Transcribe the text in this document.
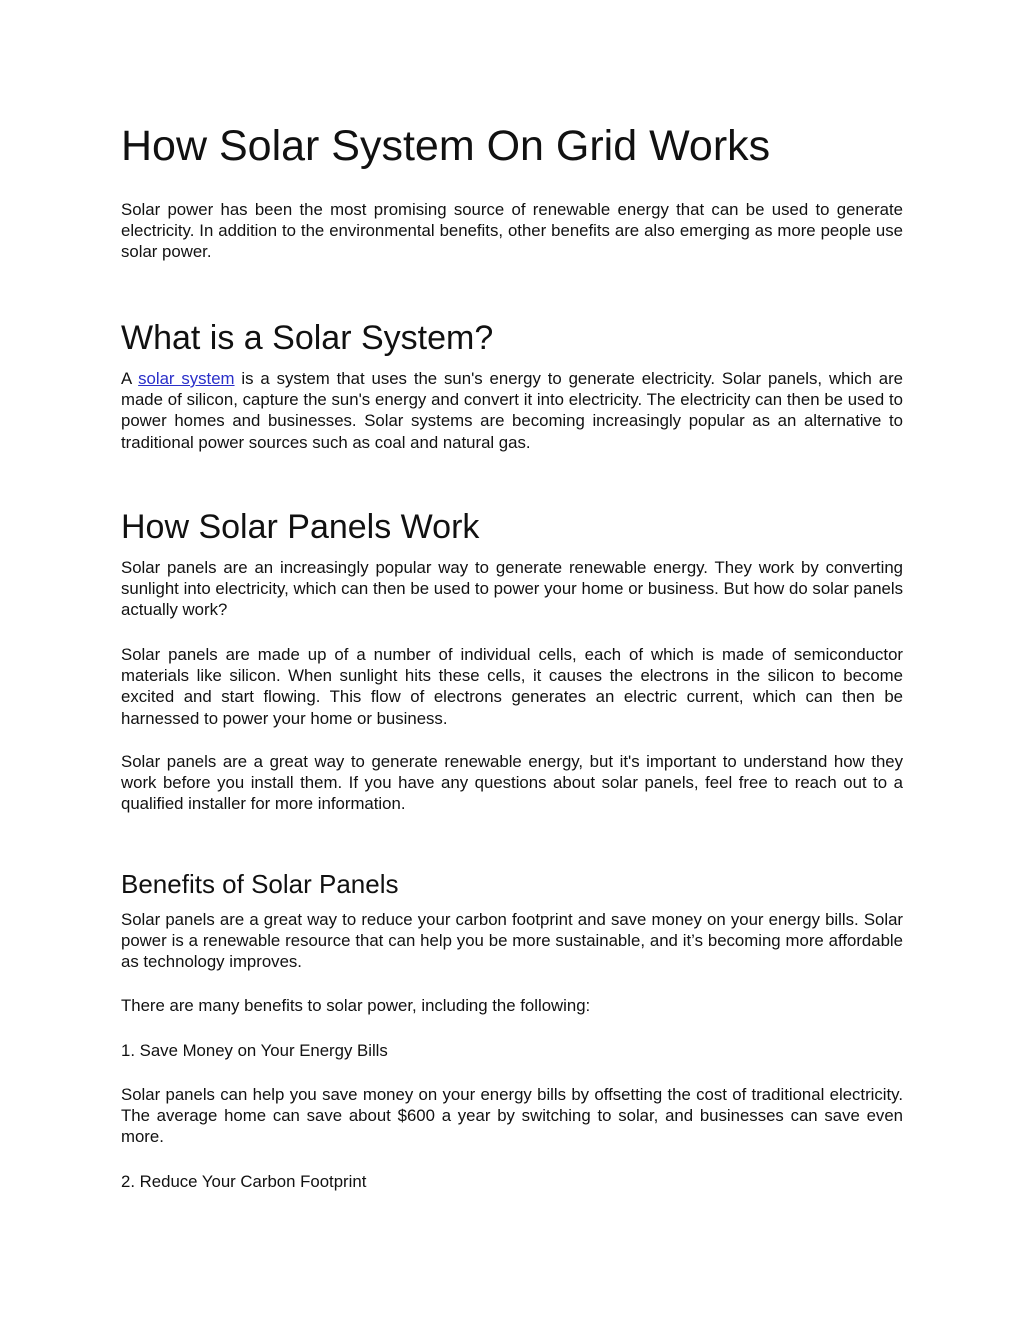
How Solar System On Grid Works

Solar power has been the most promising source of renewable energy that can be used to generate electricity. In addition to the environmental benefits, other benefits are also emerging as more people use solar power.

What is a Solar System?

A solar system is a system that uses the sun's energy to generate electricity. Solar panels, which are made of silicon, capture the sun's energy and convert it into electricity. The electricity can then be used to power homes and businesses. Solar systems are becoming increasingly popular as an alternative to traditional power sources such as coal and natural gas.

How Solar Panels Work

Solar panels are an increasingly popular way to generate renewable energy. They work by converting sunlight into electricity, which can then be used to power your home or business. But how do solar panels actually work?

Solar panels are made up of a number of individual cells, each of which is made of semiconductor materials like silicon. When sunlight hits these cells, it causes the electrons in the silicon to become excited and start flowing. This flow of electrons generates an electric current, which can then be harnessed to power your home or business.

Solar panels are a great way to generate renewable energy, but it's important to understand how they work before you install them. If you have any questions about solar panels, feel free to reach out to a qualified installer for more information.

Benefits of Solar Panels

Solar panels are a great way to reduce your carbon footprint and save money on your energy bills. Solar power is a renewable resource that can help you be more sustainable, and it’s becoming more affordable as technology improves.

There are many benefits to solar power, including the following:

1. Save Money on Your Energy Bills

Solar panels can help you save money on your energy bills by offsetting the cost of traditional electricity. The average home can save about $600 a year by switching to solar, and businesses can save even more.

2. Reduce Your Carbon Footprint
